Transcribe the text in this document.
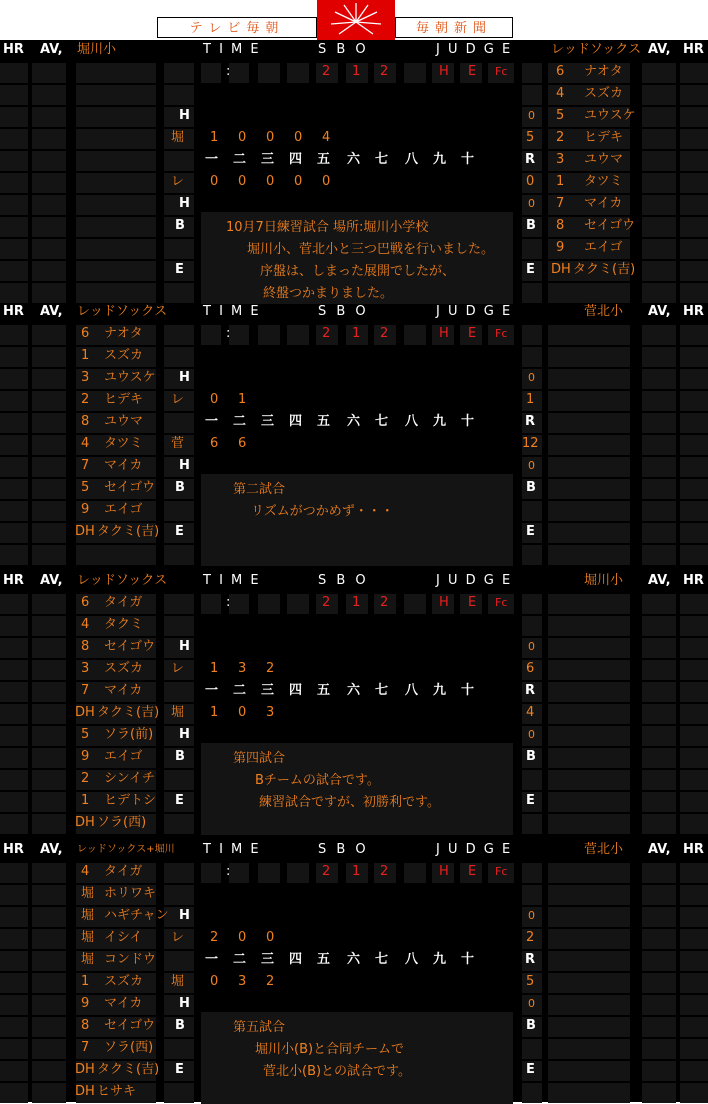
テレビ毎朝	毎朝新聞
HR AV, 堀川小	T I M E	S B O	J U D G E	レッドソックス AV, HR
:	2 1 2	H E Fc	6 ナオタ
4 スズカ
5 ユウスケ
2 ヒデキ
3 ユウマ
1 タツミ
7 マイカ
8 セイゴウ
9 エイゴ
DH タクミ(吉)
H	0
堀 1 0 0 0 4	5
一 二 三 四 五 六 七 八 九 十	R
レ 0 0 0 0 0	0
H	0
B	B
E	E
10月7日練習試合 場所:堀川小学校
堀川小、菅北小と三つ巴戦を行いました。
序盤は、しまった展開でしたが、
終盤つかまりました。
HR AV, レッドソックス	T I M E	S B O	J U D G E	菅北小 AV, HR
:	2 1 2	H E Fc
6 ナオタ
1 スズカ
3 ユウスケ
2 ヒデキ
8 ユウマ
4 タツミ
7 マイカ
5 セイゴウ
9 エイゴ
DH タクミ(吉)
H	0
レ 0 1	1
一 二 三 四 五 六 七 八 九 十	R
菅 6 6	12
H	0
B	B
E	E
第二試合
リズムがつかめず・・・
HR AV, レッドソックス	T I M E	S B O	J U D G E	堀川小 AV, HR
:	2 1 2	H E Fc
6 タイガ
4 タクミ
8 セイゴウ
3 スズカ
7 マイカ
DH タクミ(吉)
5 ソラ(前)
9 エイゴ
2 シンイチ
1 ヒデトシ
DH ソラ(西)
H	0
レ 1 3 2	6
一 二 三 四 五 六 七 八 九 十	R
堀 1 0 3	4
H	0
B	B
E	E
第四試合
Bチームの試合です。
練習試合ですが、初勝利です。
HR AV, レッドソックス+堀川 T I M E	S B O	J U D G E	菅北小 AV, HR
:	2 1 2	H E Fc
4 タイガ
堀 ホリワキ
堀 ハギチャン
堀 イシイ
堀 コンドウ
1 スズカ
9 マイカ
8 セイゴウ
7 ソラ(西)
DH タクミ(吉)
DH ヒサキ
H	0
レ 2 0 0	2
一 二 三 四 五 六 七 八 九 十	R
堀 0 3 2	5
H	0
B	B
E	E
第五試合
堀川小(B)と合同チームで
菅北小(B)との試合です。
